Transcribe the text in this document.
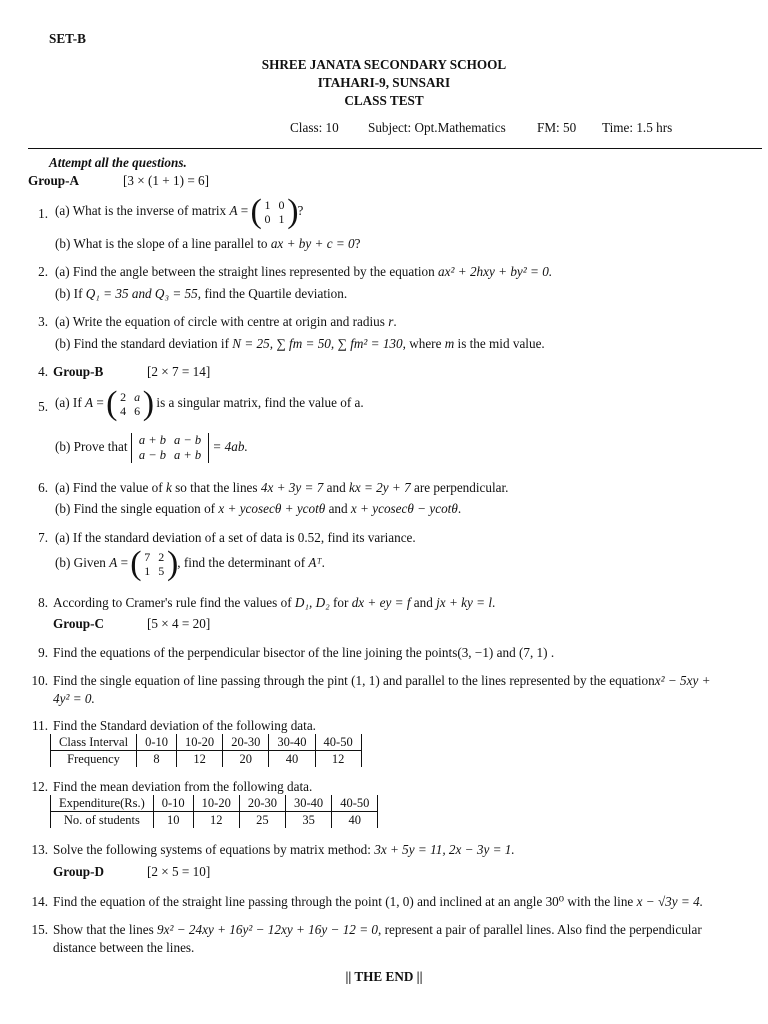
SET-B
SHREE JANATA SECONDARY SCHOOL
ITAHARI-9, SUNSARI
CLASS TEST
Class: 10 Subject: Opt.Mathematics FM: 50 Time: 1.5 hrs
Attempt all the questions.
Group-A	[3 × (1 + 1) = 6]
1. (a) What is the inverse of matrix A = ( 1	0
0	1 ) ?
(b) What is the slope of a line parallel to ax + by + c = 0?
2. (a) Find the angle between the straight lines represented by the equation ax² + 2hxy + by² = 0.
(b) If Q₁ = 35 and Q₃ = 55, find the Quartile deviation.
3. (a) Write the equation of circle with centre at origin and radius r.
(b) Find the standard deviation if N = 25, ∑ fm = 50, ∑ fm² = 130, where m is the mid value.
4. Group-B	[2 × 7 = 14]
5. (a) If A = ( 2	a
4	6 ) is a singular matrix, find the value of a.
(b) Prove that a + b	a − b
a − b	a + b
= 4ab.
6. (a) Find the value of k so that the lines 4x + 3y = 7 and kx = 2y + 7 are perpendicular.
(b) Find the single equation of x + ycosecθ + ycotθ and x + ycosecθ − ycotθ.
7. (a) If the standard deviation of a set of data is 0.52, find its variance.
(b) Given A = ( 7	2
1	5 ) , find the determinant of Aᵀ.
8. According to Cramer's rule find the values of D₁, D₂ for dx + ey = f and jx + ky = l.
Group-C	[5 × 4 = 20]
9. Find the equations of the perpendicular bisector of the line joining the points(3, −1) and (7, 1) .
10. Find the single equation of line passing through the pint (1, 1) and parallel to the lines represented by the equationx² − 5xy +
4y² = 0.
11. Find the Standard deviation of the following data.
Class Interval	0-10	10-20	20-30	30-40	40-50
Frequency	8	12	20	40	12
12. Find the mean deviation from the following data.
Expenditure(Rs.)	0-10	10-20	20-30	30-40	40-50
No. of students	10	12	25	35	40
13. Solve the following systems of equations by matrix method: 3x + 5y = 11, 2x − 3y = 1.
Group-D	[2 × 5 = 10]
14. Find the equation of the straight line passing through the point (1, 0) and inclined at an angle 30⁰ with the line x − √3y = 4.
15. Show that the lines 9x² − 24xy + 16y² − 12xy + 16y − 12 = 0, represent a pair of parallel lines. Also find the perpendicular
distance between the lines.
|| THE END ||
